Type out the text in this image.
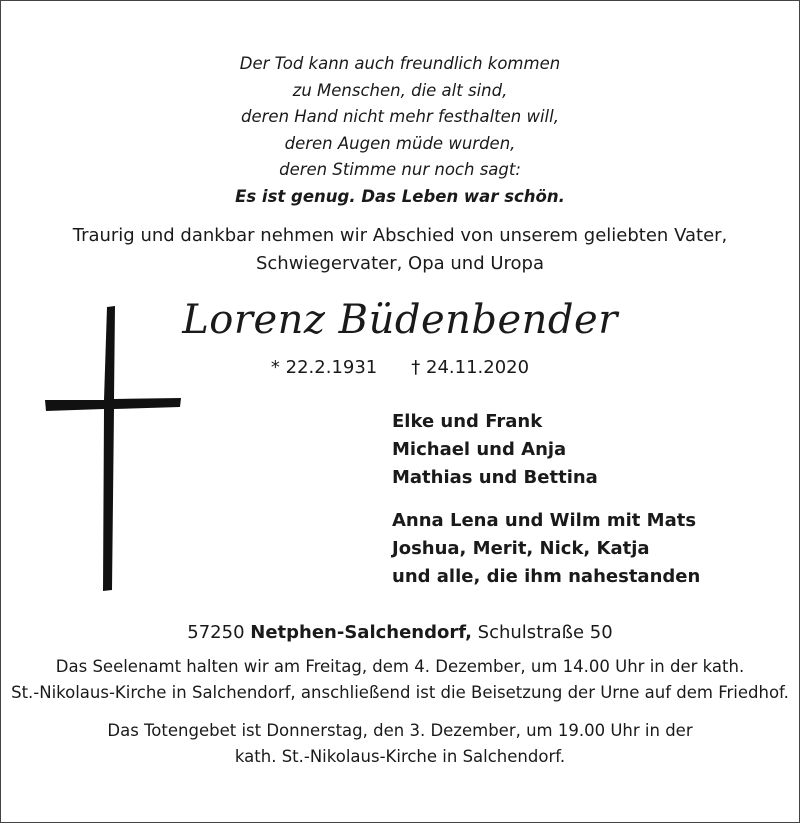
Der Tod kann auch freundlich kommen
zu Menschen, die alt sind,
deren Hand nicht mehr festhalten will,
deren Augen müde wurden,
deren Stimme nur noch sagt:
Es ist genug. Das Leben war schön.
Traurig und dankbar nehmen wir Abschied von unserem geliebten Vater,
Schwiegervater, Opa und Uropa
Lorenz Büdenbender
* 22.2.1931 † 24.11.2020
Elke und Frank
Michael und Anja
Mathias und Bettina
Anna Lena und Wilm mit Mats
Joshua, Merit, Nick, Katja
und alle, die ihm nahestanden
57250 Netphen-Salchendorf, Schulstraße 50
Das Seelenamt halten wir am Freitag, dem 4. Dezember, um 14.00 Uhr in der kath.
St.-Nikolaus-Kirche in Salchendorf, anschließend ist die Beisetzung der Urne auf dem Friedhof.
Das Totengebet ist Donnerstag, den 3. Dezember, um 19.00 Uhr in der
kath. St.-Nikolaus-Kirche in Salchendorf.
